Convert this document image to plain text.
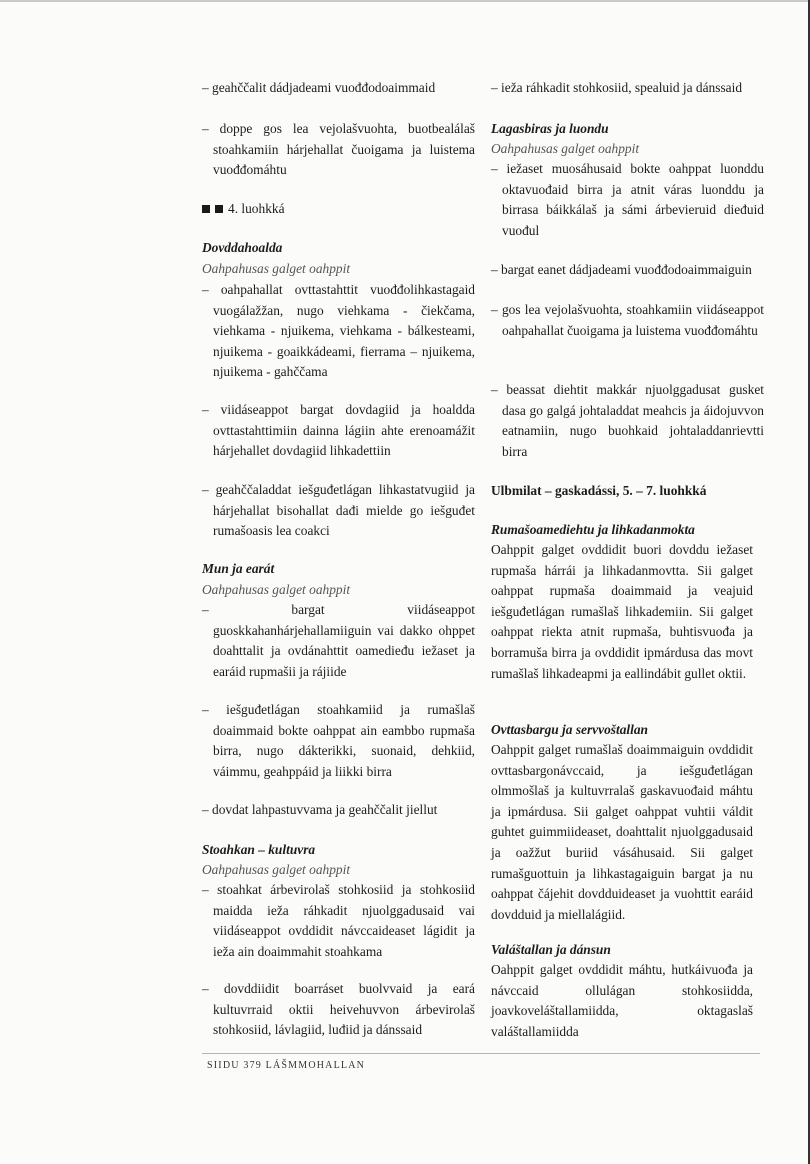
– geahččalit dádjadeami vuođđodoaimmaid

– doppe gos lea vejolašvuohta, buotbealálaš stoahkamiin hárjehallat čuoigama ja luistema vuođđomáhtu

4. luohkká

Dovddahoalda

Oahpahusas galget oahppit

– oahpahallat ovttastahttit vuođđolihkastagaid vuogálažžan, nugo viehkama - čiekčama, viehkama - njuikema, viehkama - bálkesteami, njuikema - goaikkádeami, fierrama – njuikema, njuikema - gahččama

– viidáseappot bargat dovdagiid ja hoaldda ovttastahttimiin dainna lágiin ahte erenoamážit hárjehallet dovdagiid lihkadettiin

– geahččaladdat iešguđetlágan lihkastatvugiid ja hárjehallat bisohallat dađi mielde go iešguđet rumašoasis lea coakci

Mun ja earát

Oahpahusas galget oahppit

– bargat viidáseappot guoskkahanhárjehallamiiguin vai dakko ohppet doahttalit ja ovdánahttit oamedieđu iežaset ja earáid rupmašii ja rájiide

– iešguđetlágan stoahkamiid ja rumašlaš doaimmaid bokte oahppat ain eambbo rupmaša birra, nugo dákterikki, suonaid, dehkiid, váimmu, geahppáid ja liikki birra

– dovdat lahpastuvvama ja geahččalit jiellut

Stoahkan – kultuvra

Oahpahusas galget oahppit

– stoahkat árbevirolaš stohkosiid ja stohkosiid maidda ieža ráhkadit njuolggadusaid vai viidáseappot ovddidit návccaideaset lágidit ja ieža ain doaimmahit stoahkama

– dovddiidit boarráset buolvvaid ja eará kultuvrraid oktii heivehuvvon árbevirolaš stohkosiid, lávlagiid, luđiid ja dánssaid

– ieža ráhkadit stohkosiid, spealuid ja dánssaid

Lagasbiras ja luondu

Oahpahusas galget oahppit

– iežaset muosáhusaid bokte oahppat luonddu oktavuođaid birra ja atnit váras luonddu ja birrasa báikkálaš ja sámi árbevieruid dieđuid vuođul

– bargat eanet dádjadeami vuođđodoaimmaiguin

– gos lea vejolašvuohta, stoahkamiin viidáseappot oahpahallat čuoigama ja luistema vuođđomáhtu

– beassat diehtit makkár njuolggadusat gusket dasa go galgá johtaladdat meahcis ja áidojuvvon eatnamiin, nugo buohkaid johtaladdanrievtti birra

Ulbmilat – gaskadássi, 5. – 7. luohkká

Rumašoamediehtu ja lihkadanmokta

Oahppit galget ovddidit buori dovddu iežaset rupmaša hárrái ja lihkadanmovtta. Sii galget oahppat rupmaša doaimmaid ja veajuid iešguđetlágan rumašlaš lihkademiin. Sii galget oahppat riekta atnit rupmaša, buhtisvuođa ja borramuša birra ja ovddidit ipmárdusa das movt rumašlaš lihkadeapmi ja eallindábit gullet oktii.

Ovttasbargu ja servvoštallan

Oahppit galget rumašlaš doaimmaiguin ovddidit ovttasbargonávccaid, ja iešguđetlágan olmmošlaš ja kultuvrralaš gaskavuođaid máhtu ja ipmárdusa. Sii galget oahppat vuhtii váldit guhtet guimmiideaset, doahttalit njuolggadusaid ja oažžut buriid vásáhusaid. Sii galget rumašguottuin ja lihkastagaiguin bargat ja nu oahppat čájehit dovdduideaset ja vuohttit earáid dovdduid ja miellalágiid.

Valáštallan ja dánsun

Oahppit galget ovddidit máhtu, hutkáivuođa ja návccaid ollulágan stohkosiidda, joavkoveláštallamiidda, oktagaslaš valáštallamiidda

SIIDU 379 LÁŠMMOHALLAN
